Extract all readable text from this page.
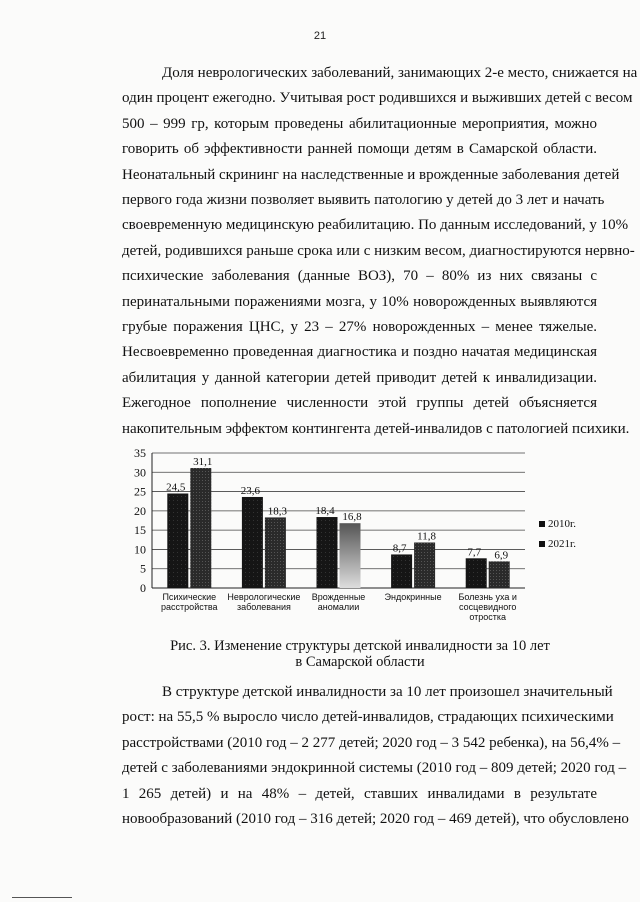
21
Доля неврологических заболеваний, занимающих 2-е место, снижается на
один процент ежегодно. Учитывая рост родившихся и выживших детей с весом
500 – 999 гр, которым проведены абилитационные мероприятия, можно
говорить об эффективности ранней помощи детям в Самарской области.
Неонатальный скрининг на наследственные и врожденные заболевания детей
первого года жизни позволяет выявить патологию у детей до 3 лет и начать
своевременную медицинскую реабилитацию. По данным исследований, у 10%
детей, родившихся раньше срока или с низким весом, диагностируются нервно-
психические заболевания (данные ВОЗ), 70 – 80% из них связаны с
перинатальными поражениями мозга, у 10% новорожденных выявляются
грубые поражения ЦНС, у 23 – 27% новорожденных – менее тяжелые.
Несвоевременно проведенная диагностика и поздно начатая медицинская
абилитация у данной категории детей приводит детей к инвалидизации.
Ежегодное пополнение численности этой группы детей объясняется
накопительным эффектом контингента детей-инвалидов с патологией психики.
0
5
10
15
20
25
30
35
24,5
31,1
Психические
расстройства
23,6
18,3
Неврологические
заболевания
18,4
16,8
Врожденные
аномалии
8,7
11,8
Эндокринные
7,7 6,9
Болезнь уха и
сосцевидного
отростка
2010г.
2021г.
Рис. 3. Изменение структуры детской инвалидности за 10 лет
в Самарской области
В структуре детской инвалидности за 10 лет произошел значительный
рост: на 55,5 % выросло число детей-инвалидов, страдающих психическими
расстройствами (2010 год – 2 277 детей; 2020 год – 3 542 ребенка), на 56,4% –
детей с заболеваниями эндокринной системы (2010 год – 809 детей; 2020 год –
1 265 детей) и на 48% – детей, ставших инвалидами в результате
новообразований (2010 год – 316 детей; 2020 год – 469 детей), что обусловлено
